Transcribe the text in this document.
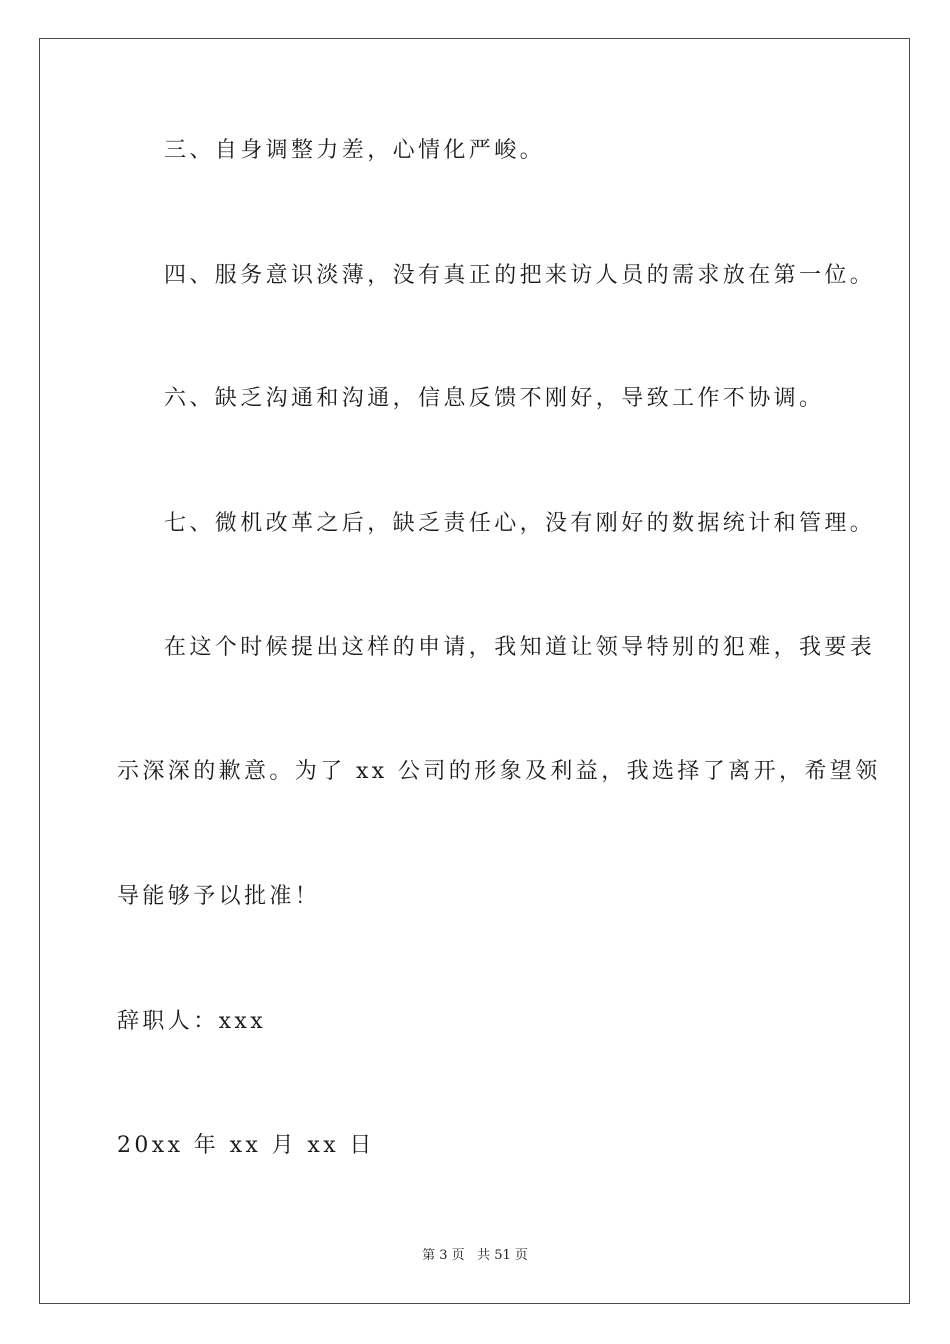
三、自身调整力差，心情化严峻。
四、服务意识淡薄，没有真正的把来访人员的需求放在第一位。
六、缺乏沟通和沟通，信息反馈不刚好，导致工作不协调。
七、微机改革之后，缺乏责任心，没有刚好的数据统计和管理。
在这个时候提出这样的申请，我知道让领导特别的犯难，我要表
示深深的歉意。为了 xx 公司的形象及利益，我选择了离开，希望领
导能够予以批准！
辞职人：xxx
20xx 年 xx 月 xx 日
第 3 页   共 51 页
